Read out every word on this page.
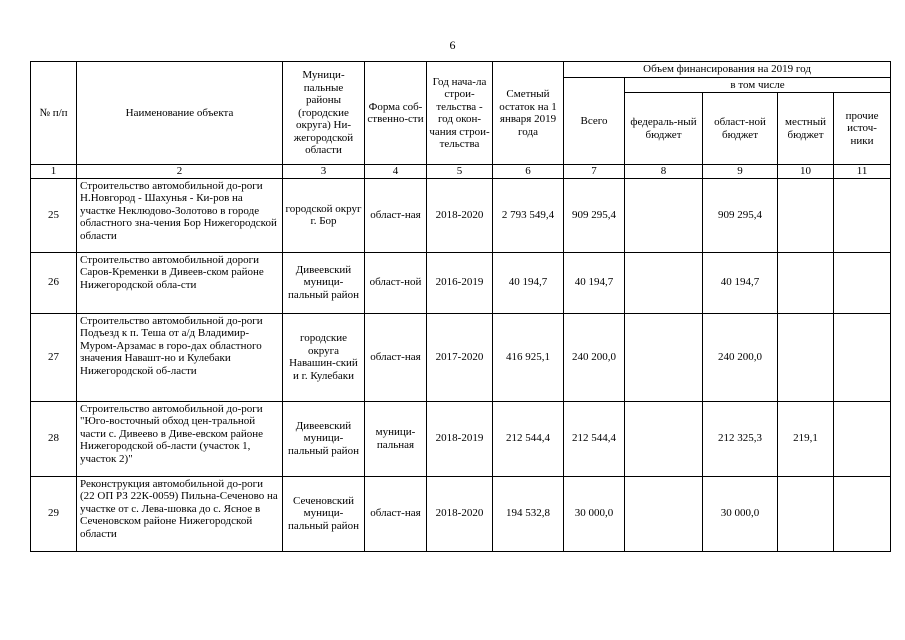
6
№ п/п	Наименование объекта	Муници-пальные районы (городские округа) Ни-жегородской области	Форма соб-ственно-сти	Год нача-ла строи-тельства - год окон-чания строи-тельства	Сметный остаток на 1 января 2019 года	Объем финансирования на 2019 год				
						Всего	в том числе			
							федераль-ный бюджет	област-ной бюджет	местный бюджет	прочие источ-ники
1	2	3	4	5	6	7	8	9	10	11
25	Строительство автомобильной до-роги Н.Новгород - Шахунья - Ки-ров на участке Неклюдово-Золотово в городе областного зна-чения Бор Нижегородской области	городской округ г. Бор	област-ная	2018-2020	2 793 549,4	909 295,4		909 295,4		
26	Строительство автомобильной дороги Саров-Кременки в Дивеев-ском районе Нижегородской обла-сти	Дивеевский муници-пальный район	област-ной	2016-2019	40 194,7	40 194,7		40 194,7		
27	Строительство автомобильной до-роги Подъезд к п. Теша от а/д Владимир-Муром-Арзамас в горо-дах областного значения Навашт-но и Кулебаки Нижегородской об-ласти	городские округа Навашин-ский и г. Кулебаки	област-ная	2017-2020	416 925,1	240 200,0		240 200,0		
28	Строительство автомобильной до-роги "Юго-восточный обход цен-тральной части с. Дивеево в Диве-евском районе Нижегородской об-ласти (участок 1, участок 2)"	Дивеевский муници-пальный район	муници-пальная	2018-2019	212 544,4	212 544,4		212 325,3	219,1	
29	Реконструкция автомобильной до-роги (22 ОП РЗ 22К-0059) Пильна-Сеченово на участке от с. Лева-шовка до с. Ясное в Сеченовском районе Нижегородской области	Сеченовский муници-пальный район	област-ная	2018-2020	194 532,8	30 000,0		30 000,0		
